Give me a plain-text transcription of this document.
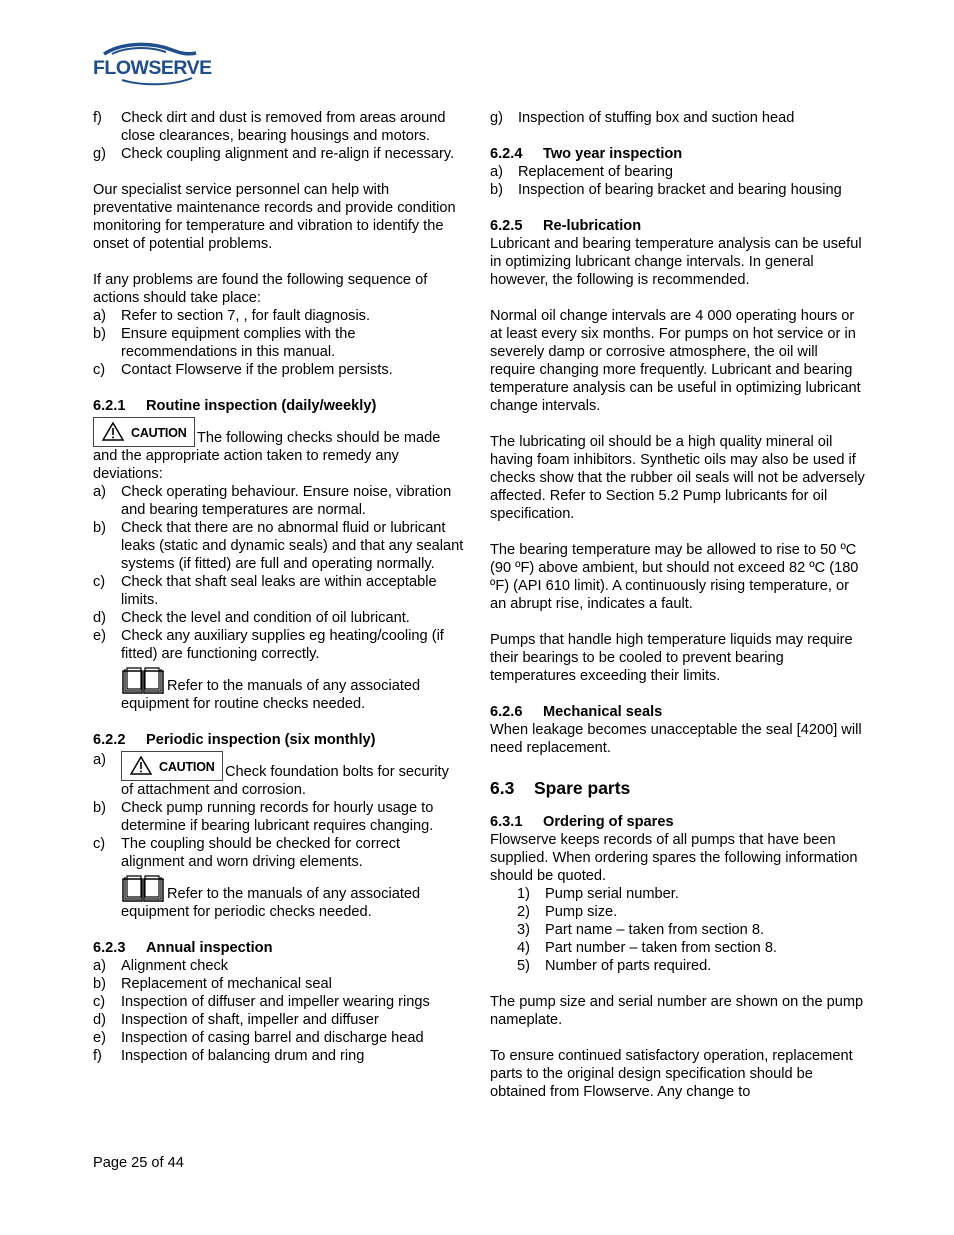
FLOWSERVE
f)	Check dirt and dust is removed from areas around close clearances, bearing housings and motors.
g)	Check coupling alignment and re-align if necessary.

Our specialist service personnel can help with preventative maintenance records and provide condition monitoring for temperature and vibration to identify the onset of potential problems.

If any problems are found the following sequence of actions should take place:

a)	Refer to section 7, , for fault diagnosis.
b)	Ensure equipment complies with the recommendations in this manual.
c)	Contact Flowserve if the problem persists.
6.2.1 Routine inspection (daily/weekly)

CAUTION The following checks should be made and the appropriate action taken to remedy any deviations:

a)	Check operating behaviour. Ensure noise, vibration and bearing temperatures are normal.
b)	Check that there are no abnormal fluid or lubricant leaks (static and dynamic seals) and that any sealant systems (if fitted) are full and operating normally.
c)	Check that shaft seal leaks are within acceptable limits.
d)	Check the level and condition of oil lubricant.
e)	Check any auxiliary supplies eg heating/cooling (if fitted) are functioning correctly.

Refer to the manuals of any associated equipment for routine checks needed.

6.2.2 Periodic inspection (six monthly)
a)	CAUTION Check foundation bolts for security of attachment and corrosion.
b)	Check pump running records for hourly usage to determine if bearing lubricant requires changing.
c)	The coupling should be checked for correct alignment and worn driving elements.

Refer to the manuals of any associated equipment for periodic checks needed.

6.2.3 Annual inspection
a)	Alignment check
b)	Replacement of mechanical seal
c)	Inspection of diffuser and impeller wearing rings
d)	Inspection of shaft, impeller and diffuser
e)	Inspection of casing barrel and discharge head
f)	Inspection of balancing drum and ring
g)	Inspection of stuffing box and suction head
6.2.4 Two year inspection
a)	Replacement of bearing
b)	Inspection of bearing bracket and bearing housing
6.2.5 Re-lubrication

Lubricant and bearing temperature analysis can be useful in optimizing lubricant change intervals. In general however, the following is recommended.

Normal oil change intervals are 4 000 operating hours or at least every six months. For pumps on hot service or in severely damp or corrosive atmosphere, the oil will require changing more frequently. Lubricant and bearing temperature analysis can be useful in optimizing lubricant change intervals.

The lubricating oil should be a high quality mineral oil having foam inhibitors. Synthetic oils may also be used if checks show that the rubber oil seals will not be adversely affected. Refer to Section 5.2 Pump lubricants for oil specification.

The bearing temperature may be allowed to rise to 50 ºC (90 ºF) above ambient, but should not exceed 82 ºC (180 ºF) (API 610 limit). A continuously rising temperature, or an abrupt rise, indicates a fault.

Pumps that handle high temperature liquids may require their bearings to be cooled to prevent bearing temperatures exceeding their limits.

6.2.6 Mechanical seals

When leakage becomes unacceptable the seal [4200] will need replacement.

6.3 Spare parts
6.3.1 Ordering of spares

Flowserve keeps records of all pumps that have been supplied. When ordering spares the following information should be quoted.

1)	Pump serial number.
2)	Pump size.
3)	Part name – taken from section 8.
4)	Part number – taken from section 8.
5)	Number of parts required.

The pump size and serial number are shown on the pump nameplate.

To ensure continued satisfactory operation, replacement parts to the original design specification should be obtained from Flowserve. Any change to

Page 25 of 44
